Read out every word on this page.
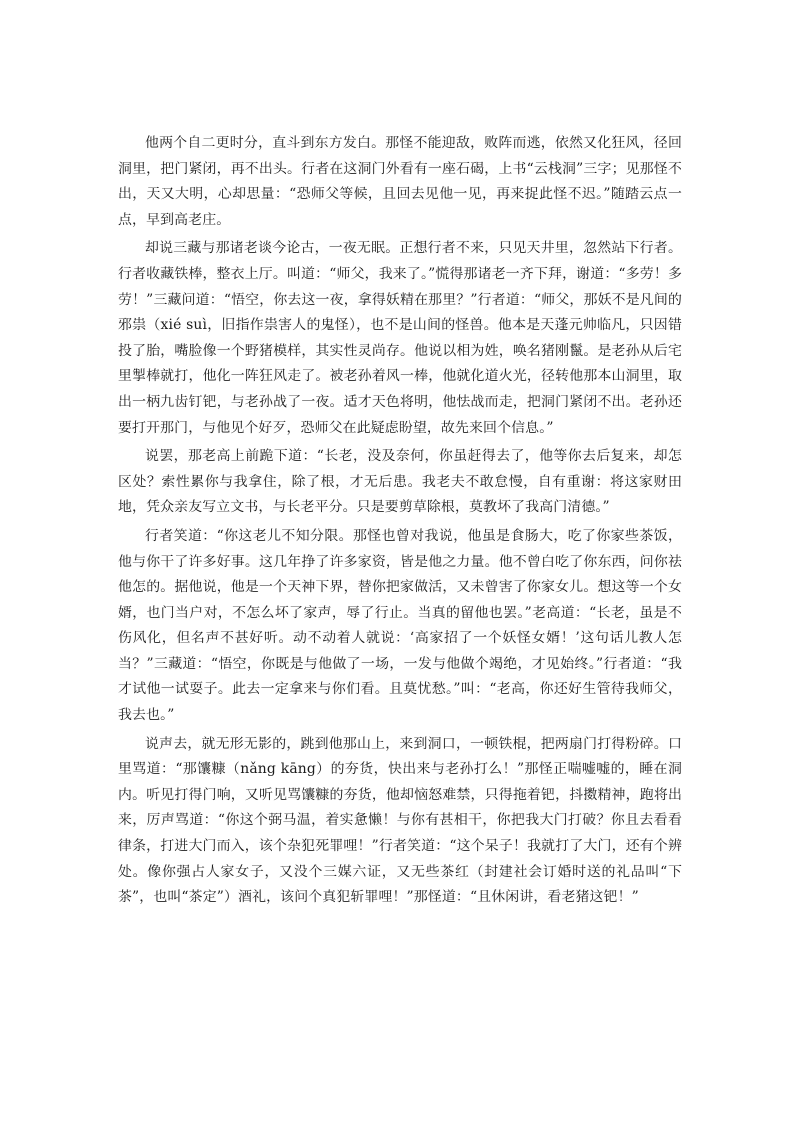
他两个自二更时分，直斗到东方发白。那怪不能迎敌，败阵而逃，依然又化狂风，径回洞里，把门紧闭，再不出头。行者在这洞门外看有一座石碣，上书“云栈洞”三字；见那怪不出，天又大明，心却思量：“恐师父等候，且回去见他一见，再来捉此怪不迟。”随踏云点一点，早到高老庄。

却说三藏与那诸老谈今论古，一夜无眠。正想行者不来，只见天井里，忽然站下行者。行者收藏铁棒，整衣上厅。叫道：“师父，我来了。”慌得那诸老一齐下拜，谢道：“多劳！多劳！”三藏问道：“悟空，你去这一夜，拿得妖精在那里？”行者道：“师父，那妖不是凡间的邪祟（xié suì，旧指作祟害人的鬼怪），也不是山间的怪兽。他本是天蓬元帅临凡，只因错投了胎，嘴脸像一个野猪模样，其实性灵尚存。他说以相为姓，唤名猪刚鬣。是老孙从后宅里掣棒就打，他化一阵狂风走了。被老孙着风一棒，他就化道火光，径转他那本山洞里，取出一柄九齿钉钯，与老孙战了一夜。适才天色将明，他怯战而走，把洞门紧闭不出。老孙还要打开那门，与他见个好歹，恐师父在此疑虑盼望，故先来回个信息。”

说罢，那老高上前跪下道：“长老，没及奈何，你虽赶得去了，他等你去后复来，却怎区处？索性累你与我拿住，除了根，才无后患。我老夫不敢怠慢，自有重谢：将这家财田地，凭众亲友写立文书，与长老平分。只是要剪草除根，莫教坏了我高门清德。”

行者笑道：“你这老儿不知分限。那怪也曾对我说，他虽是食肠大，吃了你家些茶饭，他与你干了许多好事。这几年挣了许多家资，皆是他之力量。他不曾白吃了你东西，问你祛他怎的。据他说，他是一个天神下界，替你把家做活，又未曾害了你家女儿。想这等一个女婿，也门当户对，不怎么坏了家声，辱了行止。当真的留他也罢。”老高道：“长老，虽是不伤风化，但名声不甚好听。动不动着人就说：‘高家招了一个妖怪女婿！’这句话儿教人怎当？”三藏道：“悟空，你既是与他做了一场，一发与他做个竭绝，才见始终。”行者道：“我才试他一试耍子。此去一定拿来与你们看。且莫忧愁。”叫：“老高，你还好生管待我师父，我去也。”

说声去，就无形无影的，跳到他那山上，来到洞口，一顿铁棍，把两扇门打得粉碎。口里骂道：“那馕糠（nǎng kāng）的夯货，快出来与老孙打么！”那怪正喘嘘嘘的，睡在洞内。听见打得门响，又听见骂馕糠的夯货，他却恼怒难禁，只得拖着钯，抖擞精神，跑将出来，厉声骂道：“你这个弼马温，着实惫懒！与你有甚相干，你把我大门打破？你且去看看律条，打进大门而入，该个杂犯死罪哩！”行者笑道：“这个呆子！我就打了大门，还有个辨处。像你强占人家女子，又没个三媒六证，又无些茶红（封建社会订婚时送的礼品叫“下茶”，也叫“茶定”）酒礼，该问个真犯斩罪哩！”那怪道：“且休闲讲，看老猪这钯！”
